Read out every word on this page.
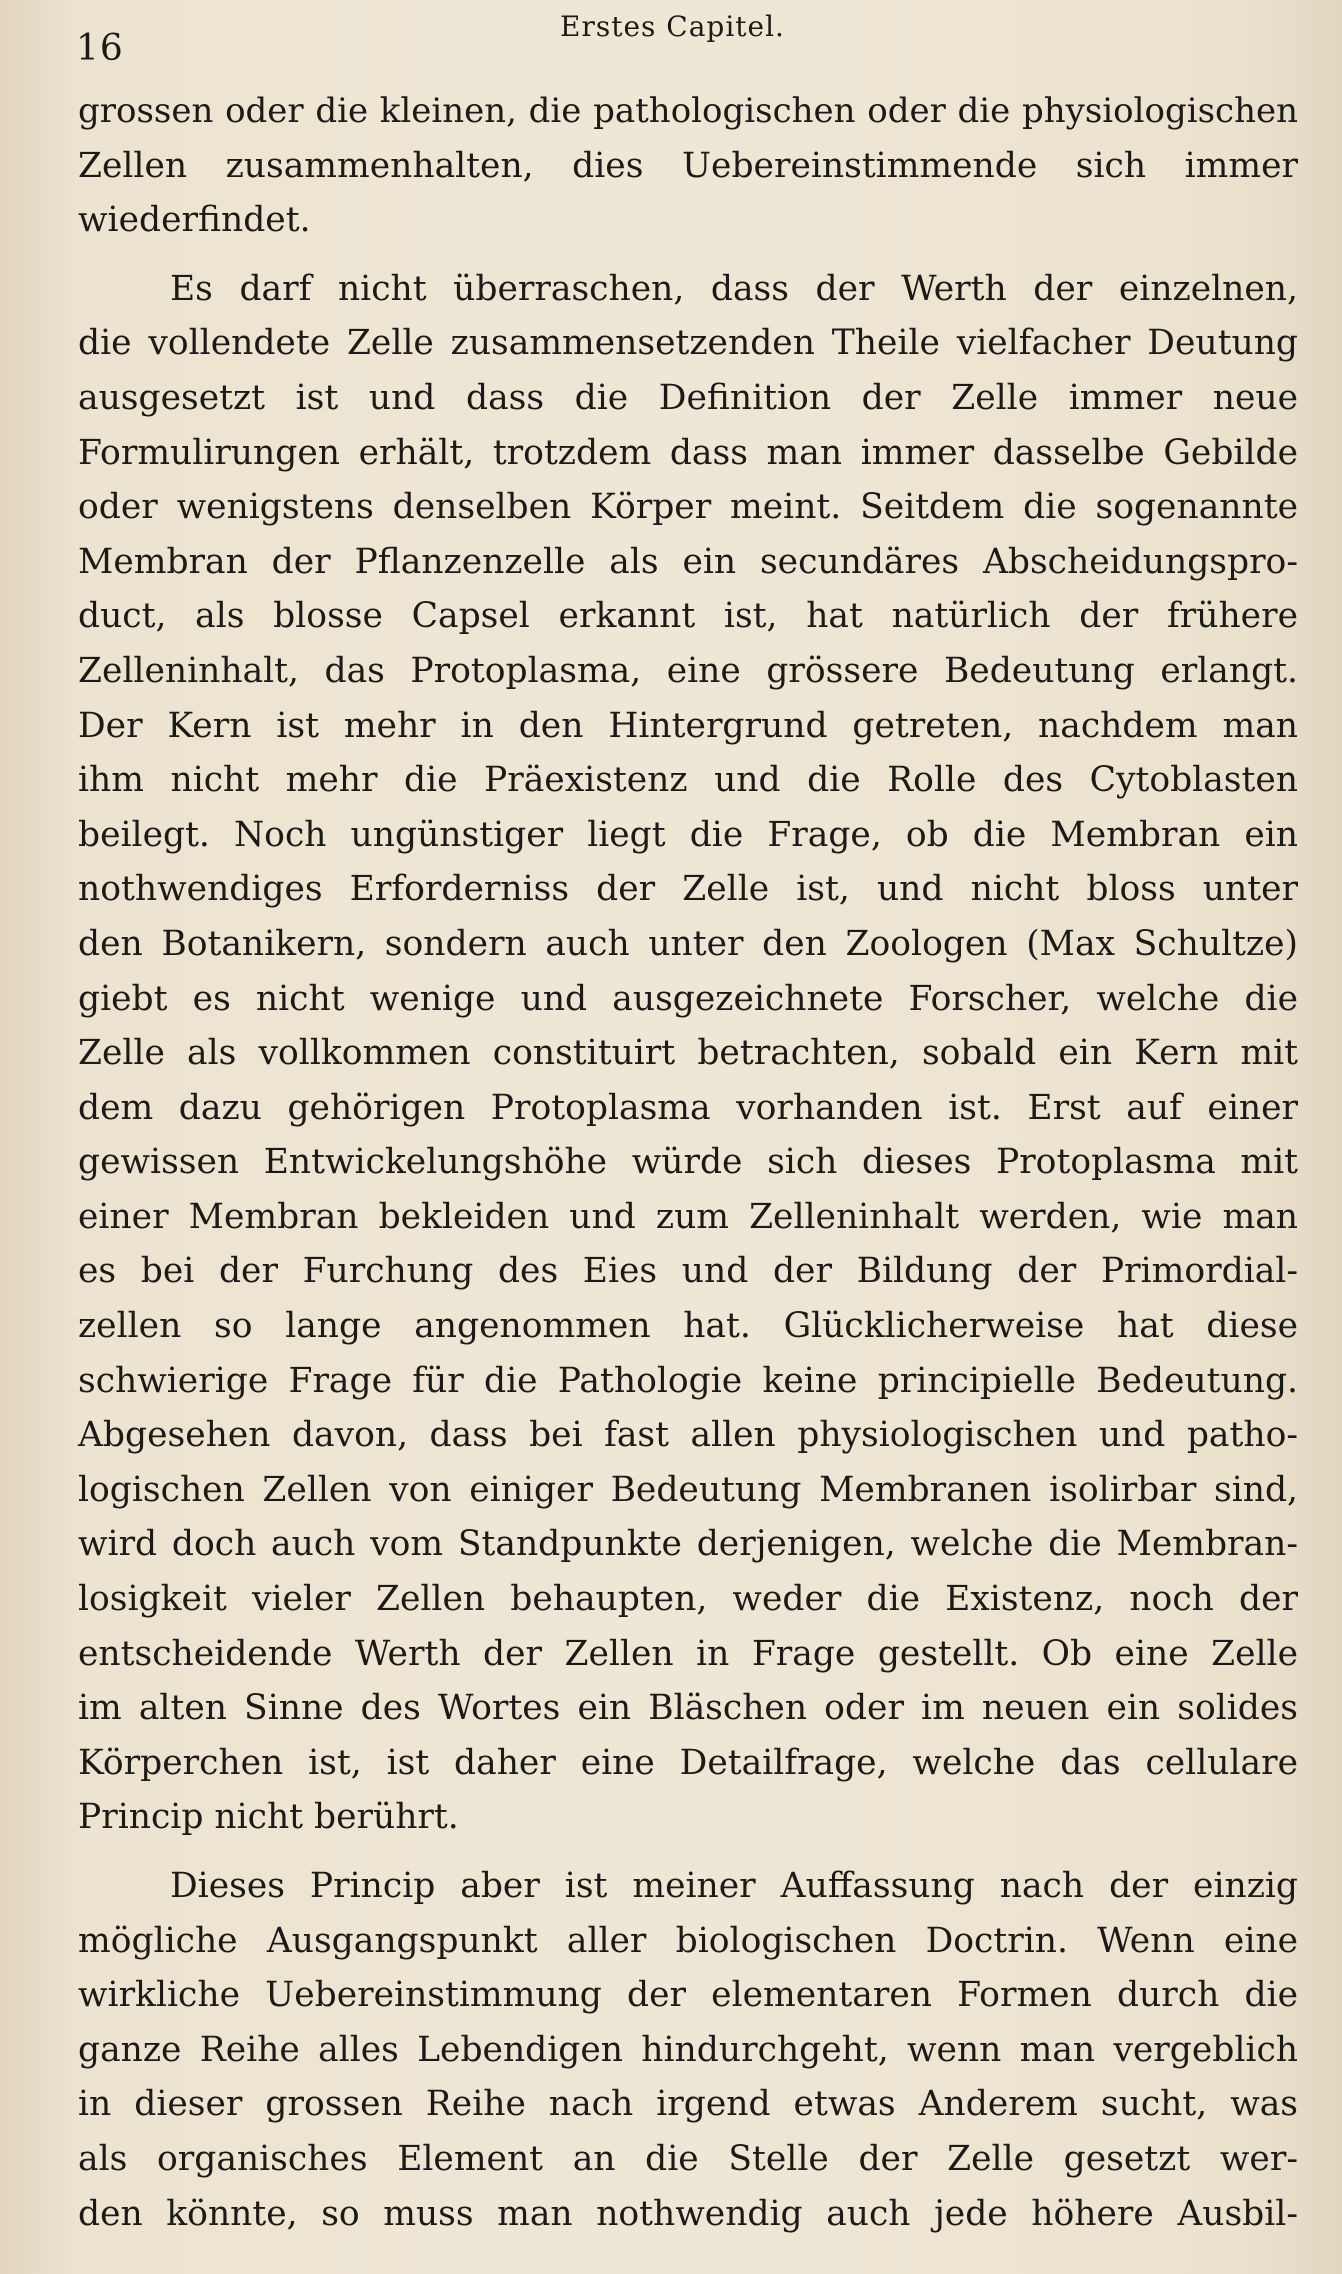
16
Erstes Capitel.
grossen oder die kleinen, die pathologischen oder die physiologischen
Zellen zusammenhalten, dies Uebereinstimmende sich immer
wiederfindet.
Es darf nicht überraschen, dass der Werth der einzelnen,
die vollendete Zelle zusammensetzenden Theile vielfacher Deutung
ausgesetzt ist und dass die Definition der Zelle immer neue
Formulirungen erhält, trotzdem dass man immer dasselbe Gebilde
oder wenigstens denselben Körper meint. Seitdem die sogenannte
Membran der Pflanzenzelle als ein secundäres Abscheidungspro-
duct, als blosse Capsel erkannt ist, hat natürlich der frühere
Zelleninhalt, das Protoplasma, eine grössere Bedeutung erlangt.
Der Kern ist mehr in den Hintergrund getreten, nachdem man
ihm nicht mehr die Präexistenz und die Rolle des Cytoblasten
beilegt. Noch ungünstiger liegt die Frage, ob die Membran ein
nothwendiges Erforderniss der Zelle ist, und nicht bloss unter
den Botanikern, sondern auch unter den Zoologen (Max Schultze)
giebt es nicht wenige und ausgezeichnete Forscher, welche die
Zelle als vollkommen constituirt betrachten, sobald ein Kern mit
dem dazu gehörigen Protoplasma vorhanden ist. Erst auf einer
gewissen Entwickelungshöhe würde sich dieses Protoplasma mit
einer Membran bekleiden und zum Zelleninhalt werden, wie man
es bei der Furchung des Eies und der Bildung der Primordial-
zellen so lange angenommen hat. Glücklicherweise hat diese
schwierige Frage für die Pathologie keine principielle Bedeutung.
Abgesehen davon, dass bei fast allen physiologischen und patho-
logischen Zellen von einiger Bedeutung Membranen isolirbar sind,
wird doch auch vom Standpunkte derjenigen, welche die Membran-
losigkeit vieler Zellen behaupten, weder die Existenz, noch der
entscheidende Werth der Zellen in Frage gestellt. Ob eine Zelle
im alten Sinne des Wortes ein Bläschen oder im neuen ein solides
Körperchen ist, ist daher eine Detailfrage, welche das cellulare
Princip nicht berührt.
Dieses Princip aber ist meiner Auffassung nach der einzig
mögliche Ausgangspunkt aller biologischen Doctrin. Wenn eine
wirkliche Uebereinstimmung der elementaren Formen durch die
ganze Reihe alles Lebendigen hindurchgeht, wenn man vergeblich
in dieser grossen Reihe nach irgend etwas Anderem sucht, was
als organisches Element an die Stelle der Zelle gesetzt wer-
den könnte, so muss man nothwendig auch jede höhere Ausbil-
